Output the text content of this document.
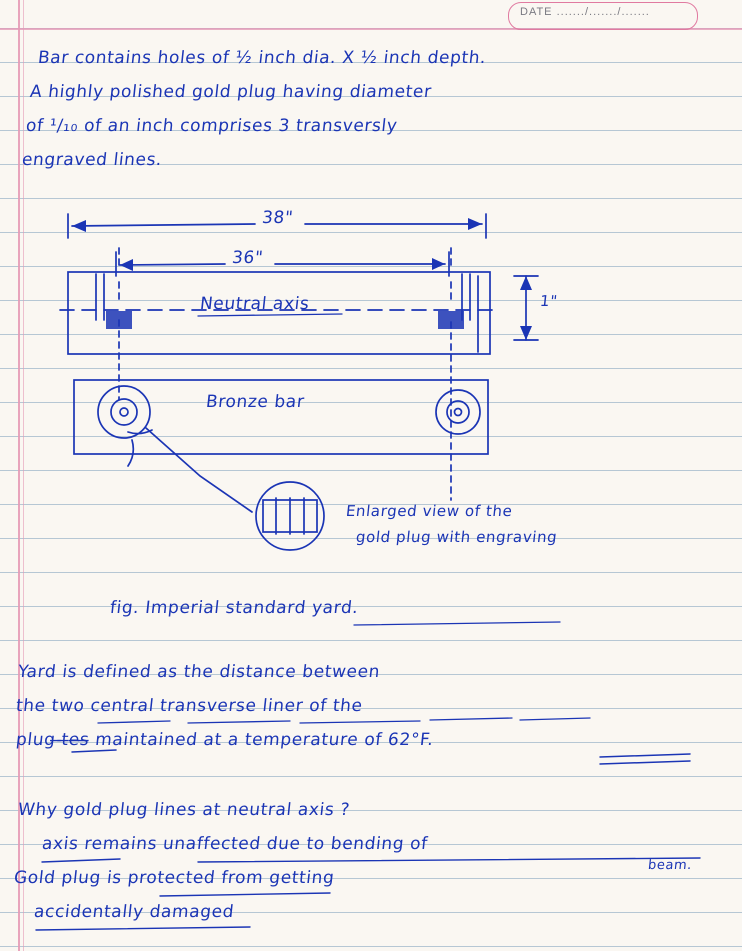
DATE ......./......./.......
Bar contains holes of ½ inch dia. X ½ inch depth.
A highly polished gold plug having diameter
of ¹/₁₀ of an inch comprises 3 transversly
engraved lines.
38"
36"
1"
Neutral axis
Bronze bar
Enlarged view of the
gold plug with engraving
fig. Imperial standard yard.
Yard is defined as the distance between
the two central transverse liner of the
plug ̶t̶e̶s̶ maintained at a temperature of 62°F.
Why gold plug lines at neutral axis ?
axis remains unaffected due to bending of
beam.
Gold plug is protected from getting
accidentally damaged
